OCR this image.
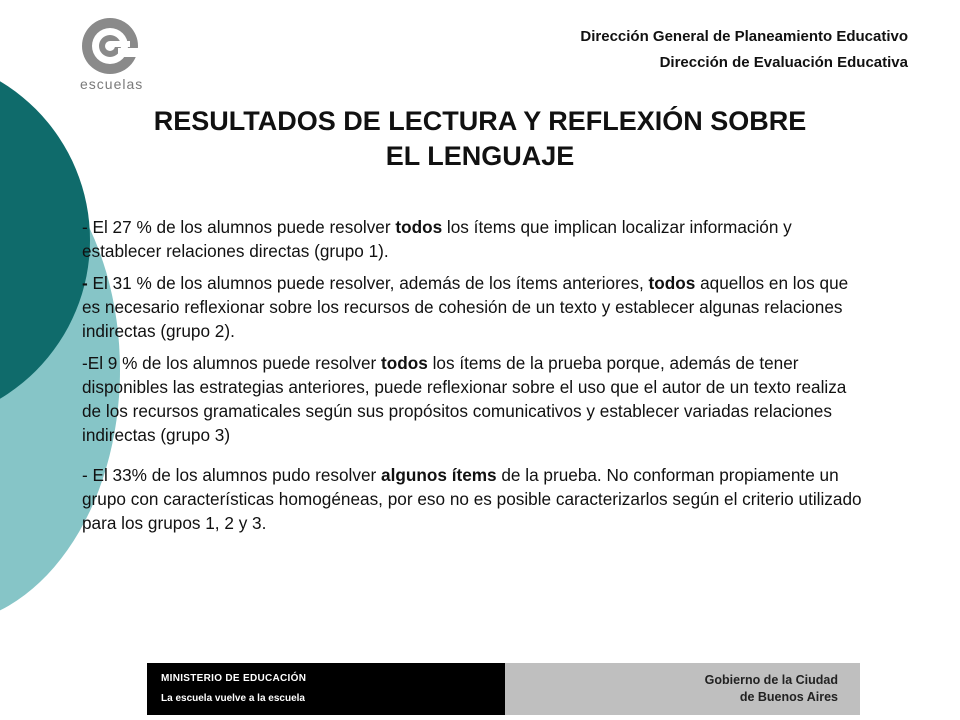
escuelas
Dirección General de Planeamiento Educativo
Dirección de Evaluación Educativa
RESULTADOS DE LECTURA Y REFLEXIÓN SOBRE
EL LENGUAJE

- El 27 % de los alumnos puede resolver todos los ítems que implican localizar información y establecer relaciones directas (grupo 1).

- El 31 % de los alumnos puede resolver, además de los ítems anteriores, todos aquellos en los que es necesario reflexionar sobre los recursos de cohesión de un texto y establecer algunas relaciones indirectas (grupo 2).

-El 9 % de los alumnos puede resolver todos los ítems de la prueba porque, además de tener disponibles las estrategias anteriores, puede reflexionar sobre el uso que el autor de un texto realiza de los recursos gramaticales según sus propósitos comunicativos y establecer variadas relaciones indirectas (grupo 3)

- El 33% de los alumnos pudo resolver algunos ítems de la prueba. No conforman propiamente un grupo con características homogéneas, por eso no es posible caracterizarlos según el criterio utilizado para los grupos 1, 2 y 3.

MINISTERIO DE EDUCACIÓN
La escuela vuelve a la escuela
Gobierno de la Ciudad
de Buenos Aires
